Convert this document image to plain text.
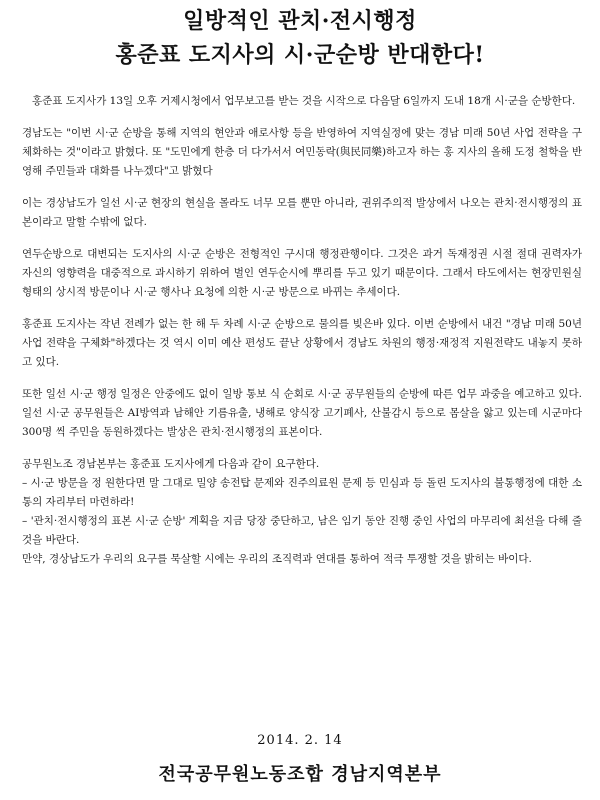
일방적인 관치·전시행정
홍준표 도지사의 시·군순방 반대한다!

홍준표 도지사가 13일 오후 거제시청에서 업무보고를 받는 것을 시작으로 다음달 6일까지 도내 18개 시·군을 순방한다.

경남도는 "이번 시·군 순방을 통해 지역의 현안과 애로사항 등을 반영하여 지역실정에 맞는 경남 미래 50년 사업 전략을 구체화하는 것"이라고 밝혔다. 또 "도민에게 한층 더 다가서서 여민동락(與民同樂)하고자 하는 홍 지사의 올해 도정 철학을 반영해 주민들과 대화를 나누겠다"고 밝혔다

이는 경상남도가 일선 시·군 현장의 현실을 몰라도 너무 모를 뿐만 아니라, 권위주의적 발상에서 나오는 관치·전시행정의 표본이라고 말할 수밖에 없다.

연두순방으로 대변되는 도지사의 시·군 순방은 전형적인 구시대 행정관행이다. 그것은 과거 독재정권 시절 절대 권력자가 자신의 영향력을 대중적으로 과시하기 위하여 벌인 연두순시에 뿌리를 두고 있기 때문이다. 그래서 타도에서는 현장민원실 형태의 상시적 방문이나 시·군 행사나 요청에 의한 시·군 방문으로 바뀌는 추세이다.

홍준표 도지사는 작년 전례가 없는 한 해 두 차례 시·군 순방으로 물의를 빚은바 있다. 이번 순방에서 내건 "경남 미래 50년 사업 전략을 구체화"하겠다는 것 역시 이미 예산 편성도 끝난 상황에서 경남도 차원의 행정·재정적 지원전략도 내놓지 못하고 있다.

또한 일선 시·군 행정 일정은 안중에도 없이 일방 통보 식 순회로 시·군 공무원들의 순방에 따른 업무 과중을 예고하고 있다. 일선 시·군 공무원들은 AI방역과 남해안 기름유출, 냉해로 양식장 고기폐사, 산불감시 등으로 몸살을 앓고 있는데 시군마다 300명 씩 주민을 동원하겠다는 발상은 관치·전시행정의 표본이다.

공무원노조 경남본부는 홍준표 도지사에게 다음과 같이 요구한다.

– 시·군 방문을 정 원한다면 말 그대로 밀양 송전탑 문제와 진주의료원 문제 등 민심과 등 돌린 도지사의 불통행정에 대한 소통의 자리부터 마련하라!

– '관치·전시행정의 표본 시·군 순방' 계획을 지금 당장 중단하고, 남은 임기 동안 진행 중인 사업의 마무리에 최선을 다해 줄 것을 바란다.

만약, 경상남도가 우리의 요구를 묵살할 시에는 우리의 조직력과 연대를 통하여 적극 투쟁할 것을 밝히는 바이다.

2014. 2. 14
전국공무원노동조합 경남지역본부
